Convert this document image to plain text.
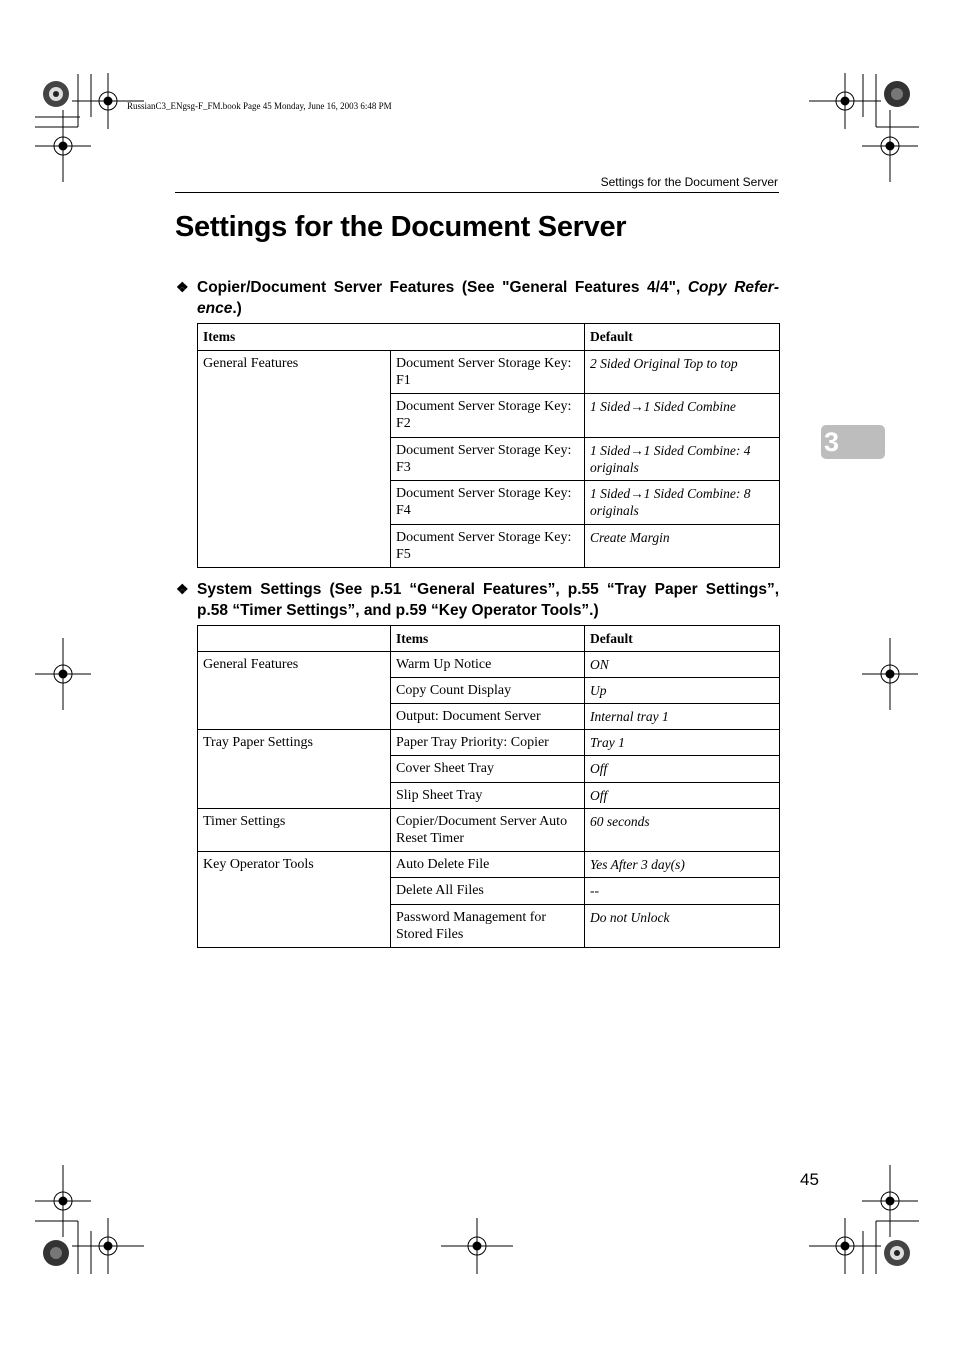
RussianC3_ENgsg-F_FM.book Page 45 Monday, June 16, 2003 6:48 PM
Settings for the Document Server
Settings for the Document Server
3
❖ Copier/Document Server Features (See "General Features 4/4", Copy Refer-ence.)
Items		Default
General Features	Document Server Storage Key: F1	2 Sided Original Top to top
	Document Server Storage Key: F2	1 Sided→1 Sided Combine
	Document Server Storage Key: F3	1 Sided→1 Sided Combine: 4 originals
	Document Server Storage Key: F4	1 Sided→1 Sided Combine: 8 originals
	Document Server Storage Key: F5	Create Margin
❖ System Settings (See p.51 “General Features”, p.55 “Tray Paper Settings”, p.58 “Timer Settings”, and p.59 “Key Operator Tools”.)
	Items	Default
General Features	Warm Up Notice	ON
	Copy Count Display	Up
	Output: Document Server	Internal tray 1
Tray Paper Settings	Paper Tray Priority: Copier	Tray 1
	Cover Sheet Tray	Off
	Slip Sheet Tray	Off
Timer Settings	Copier/Document Server Auto Reset Timer	60 seconds
Key Operator Tools	Auto Delete File	Yes After 3 day(s)
	Delete All Files	--
	Password Management for Stored Files	Do not Unlock
45
